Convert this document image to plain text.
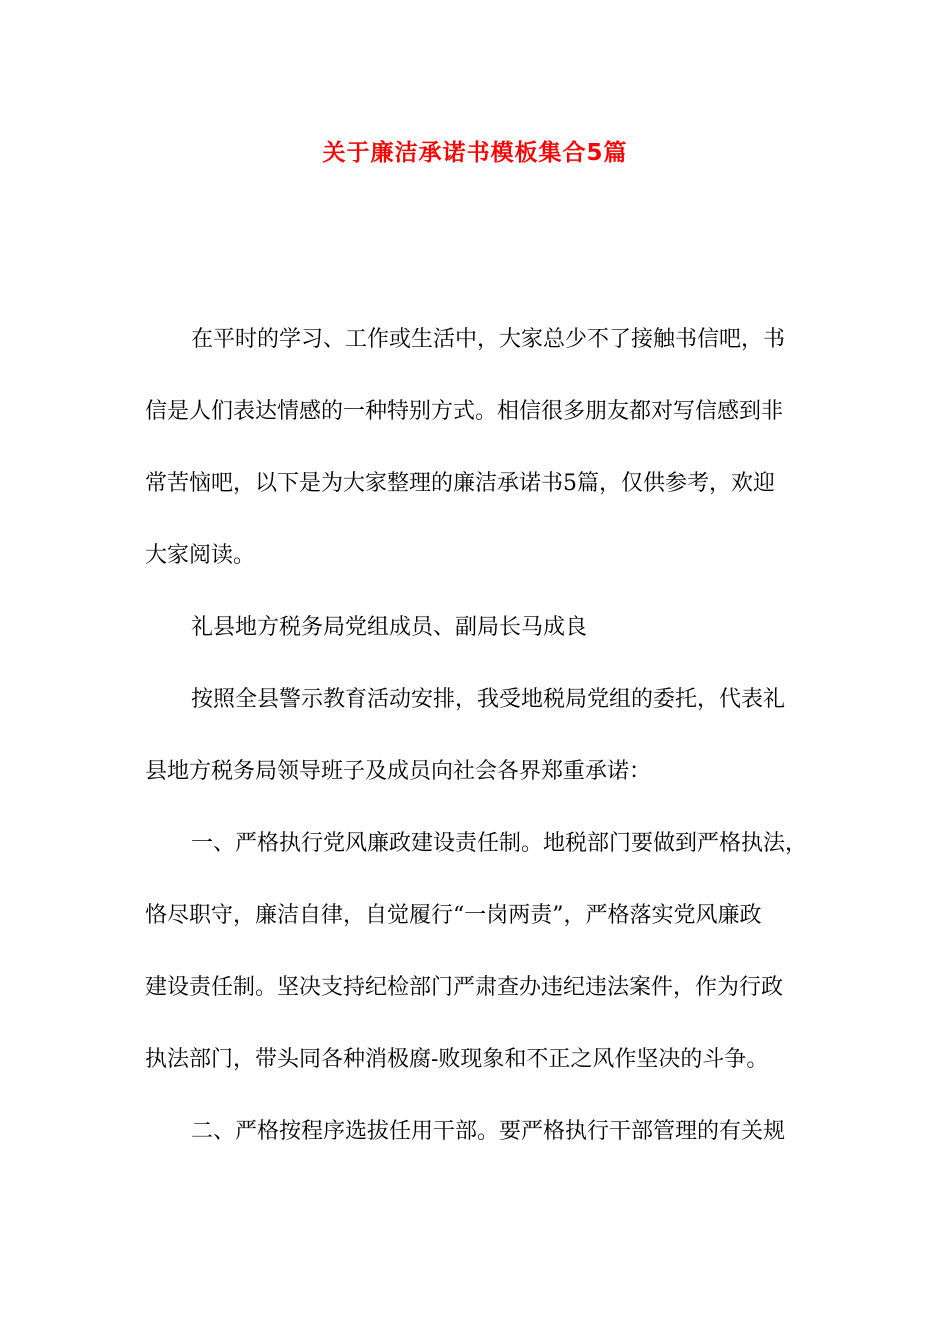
关于廉洁承诺书模板集合5篇
在平时的学习、工作或生活中，大家总少不了接触书信吧，书
信是人们表达情感的一种特别方式。相信很多朋友都对写信感到非
常苦恼吧，以下是为大家整理的廉洁承诺书5篇，仅供参考，欢迎
大家阅读。
礼县地方税务局党组成员、副局长马成良
按照全县警示教育活动安排，我受地税局党组的委托，代表礼
县地方税务局领导班子及成员向社会各界郑重承诺：
一、严格执行党风廉政建设责任制。地税部门要做到严格执法，
恪尽职守，廉洁自律，自觉履行“一岗两责”，严格落实党风廉政
建设责任制。坚决支持纪检部门严肃查办违纪违法案件，作为行政
执法部门，带头同各种消极腐-败现象和不正之风作坚决的斗争。
二、严格按程序选拔任用干部。要严格执行干部管理的有关规
